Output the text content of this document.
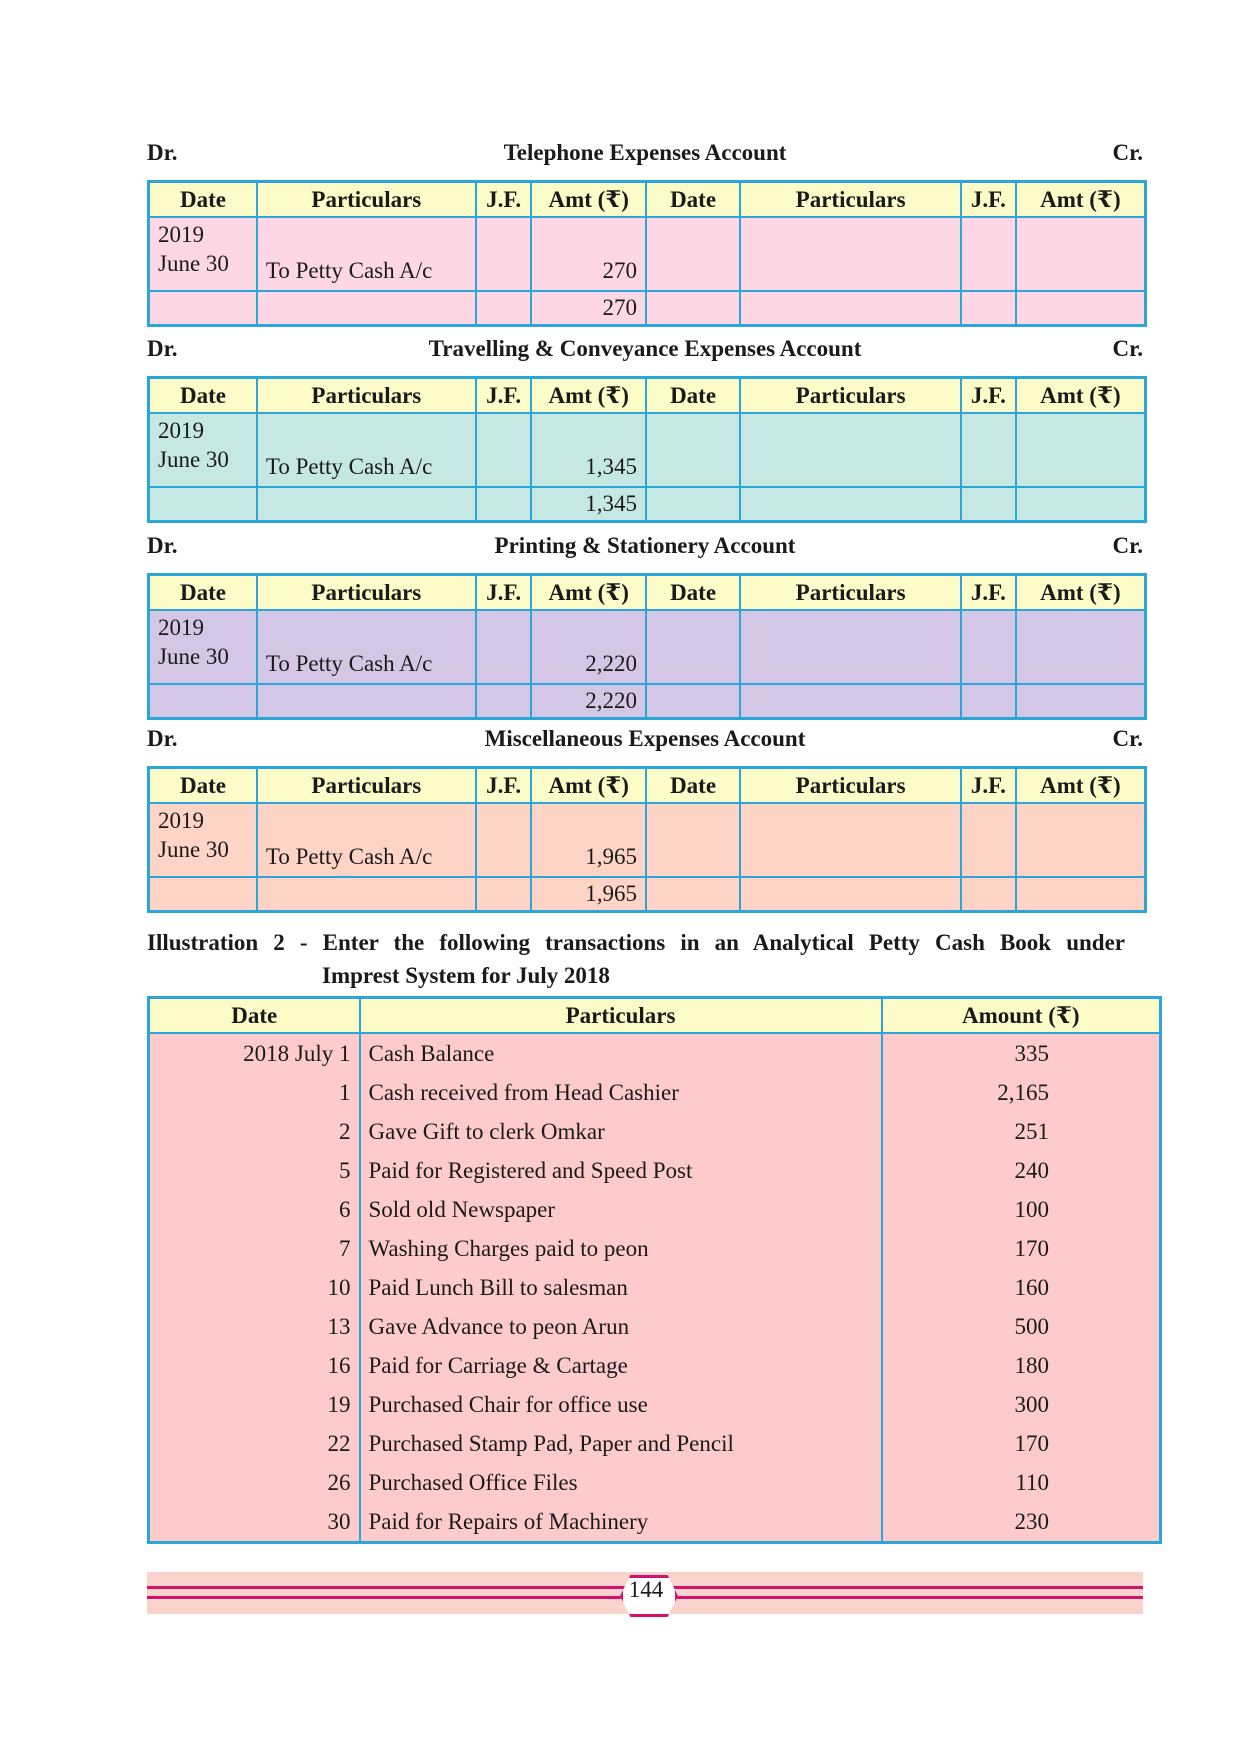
Dr.	Telephone Expenses Account	Cr.
Date	Particulars	J.F.	Amt (₹)	Date	Particulars	J.F.	Amt (₹)

2019
June 30	To Petty Cash A/c		270				
			270				
Dr.	Travelling & Conveyance Expenses Account	Cr.
Date	Particulars	J.F.	Amt (₹)	Date	Particulars	J.F.	Amt (₹)

2019
June 30	To Petty Cash A/c		1,345				
			1,345				
Dr.	Printing & Stationery Account	Cr.
Date	Particulars	J.F.	Amt (₹)	Date	Particulars	J.F.	Amt (₹)

2019
June 30	To Petty Cash A/c		2,220				
			2,220				
Dr.	Miscellaneous Expenses Account	Cr.
Date	Particulars	J.F.	Amt (₹)	Date	Particulars	J.F.	Amt (₹)

2019
June 30	To Petty Cash A/c		1,965				
			1,965				
Illustration 2 - Enter the following transactions in an Analytical Petty Cash Book under
Imprest System for July 2018
Date	Particulars	Amount (₹)
2018 July 1	Cash Balance	335
1	Cash received from Head Cashier	2,165
2	Gave Gift to clerk Omkar	251
5	Paid for Registered and Speed Post	240
6	Sold old Newspaper	100
7	Washing Charges paid to peon	170
10	Paid Lunch Bill to salesman	160
13	Gave Advance to peon Arun	500
16	Paid for Carriage & Cartage	180
19	Purchased Chair for office use	300
22	Purchased Stamp Pad, Paper and Pencil	170
26	Purchased Office Files	110
30	Paid for Repairs of Machinery	230
144
